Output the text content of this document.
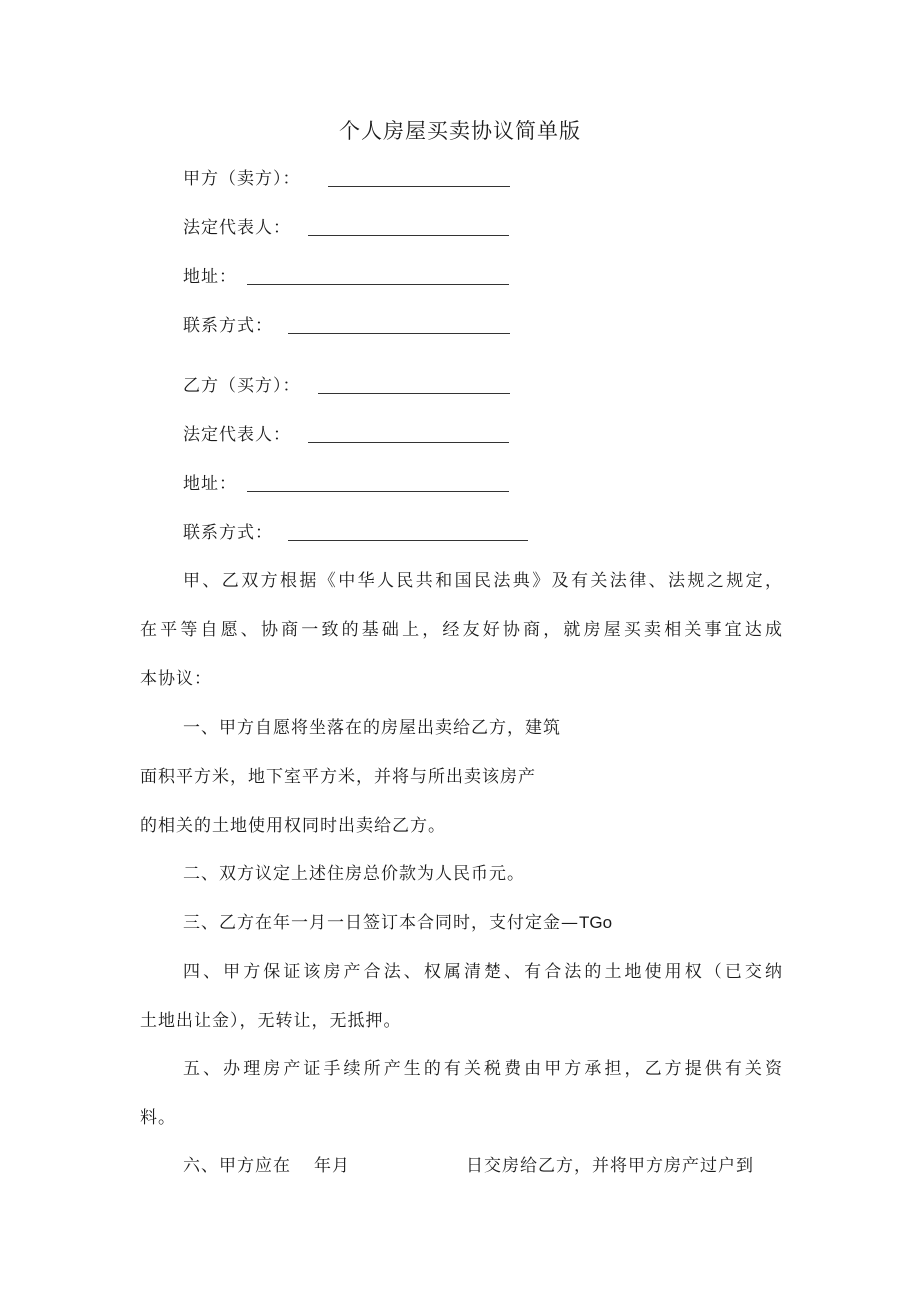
个人房屋买卖协议简单版
甲方（卖方）：
法定代表人：
地址：
联系方式：
乙方（买方）：
法定代表人：
地址：
联系方式：
甲、乙双方根据《中华人民共和国民法典》及有关法律、法规之规定，
在平等自愿、协商一致的基础上，经友好协商，就房屋买卖相关事宜达成
本协议：
一、甲方自愿将坐落在的房屋出卖给乙方，建筑
面积平方米，地下室平方米，并将与所出卖该房产
的相关的土地使用权同时出卖给乙方。
二、双方议定上述住房总价款为人民币元。
三、乙方在年一月一日签订本合同时，支付定金—TGo
四、甲方保证该房产合法、权属清楚、有合法的土地使用权（已交纳
土地出让金），无转让，无抵押。
五、办理房产证手续所产生的有关税费由甲方承担，乙方提供有关资
料。
六、甲方应在 年月	日交房给乙方，并将甲方房产过户到
